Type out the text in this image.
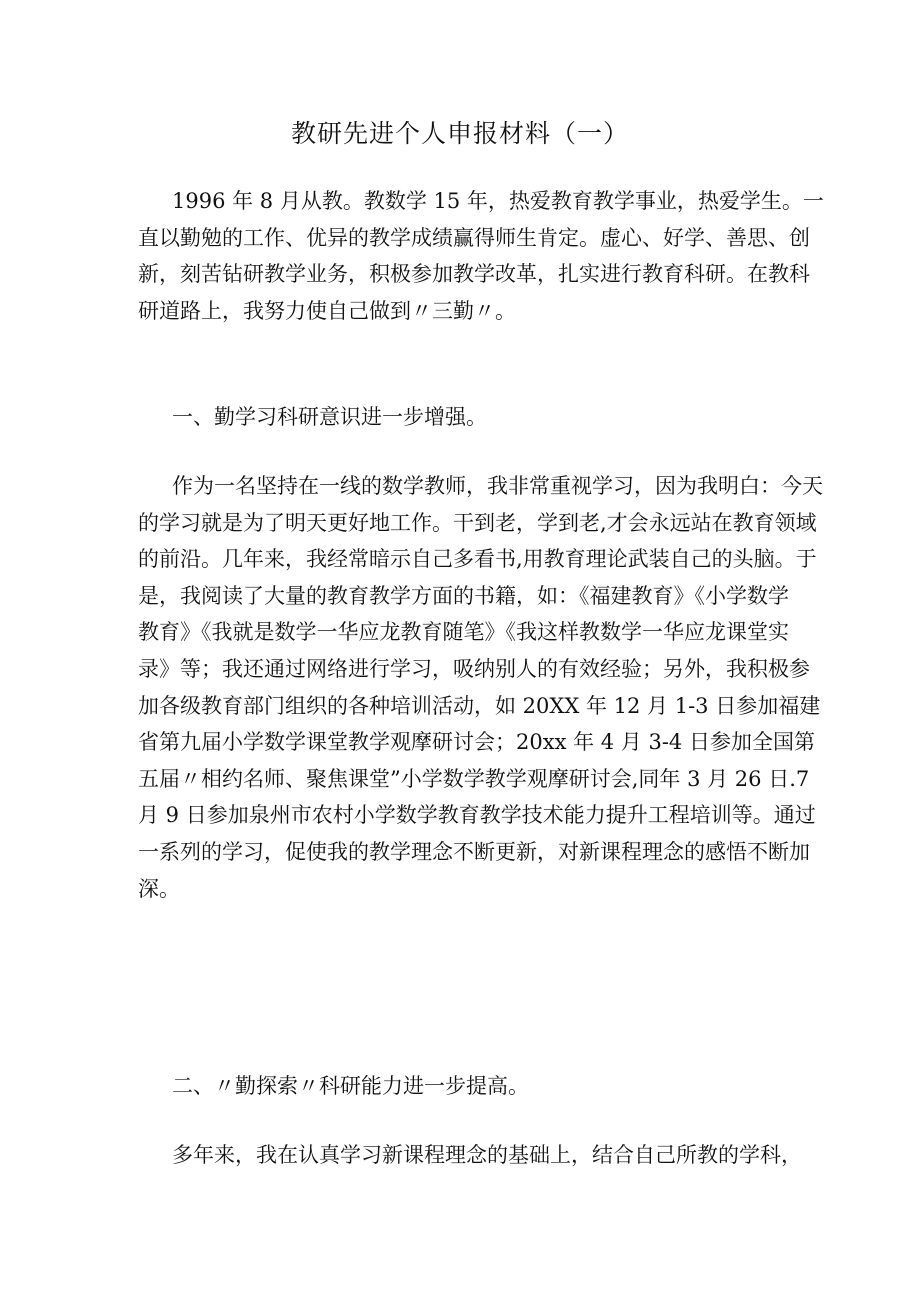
教研先进个人申报材料（一）

1996 年 8 月从教。教数学 15 年，热爱教育教学事业，热爱学生。一
直以勤勉的工作、优异的教学成绩赢得师生肯定。虚心、好学、善思、创
新，刻苦钻研教学业务，积极参加教学改革，扎实进行教育科研。在教科
研道路上，我努力使自己做到〃三勤〃。

一、勤学习科研意识进一步增强。

作为一名坚持在一线的数学教师，我非常重视学习，因为我明白：今天
的学习就是为了明天更好地工作。干到老，学到老,才会永远站在教育领域
的前沿。几年来，我经常暗示自己多看书,用教育理论武装自己的头脑。于
是，我阅读了大量的教育教学方面的书籍，如：《福建教育》《小学数学
教育》《我就是数学一华应龙教育随笔》《我这样教数学一华应龙课堂实
录》等；我还通过网络进行学习，吸纳别人的有效经验；另外，我积极参
加各级教育部门组织的各种培训活动，如 20XX 年 12 月 1-3 日参加福建
省第九届小学数学课堂教学观摩研讨会；20xx 年 4 月 3-4 日参加全国第
五届〃相约名师、聚焦课堂”小学数学教学观摩研讨会,同年 3 月 26 日.7
月 9 日参加泉州市农村小学数学教育教学技术能力提升工程培训等。通过
一系列的学习，促使我的教学理念不断更新，对新课程理念的感悟不断加
深。

二、〃勤探索〃科研能力进一步提高。

多年来，我在认真学习新课程理念的基础上，结合自己所教的学科，
